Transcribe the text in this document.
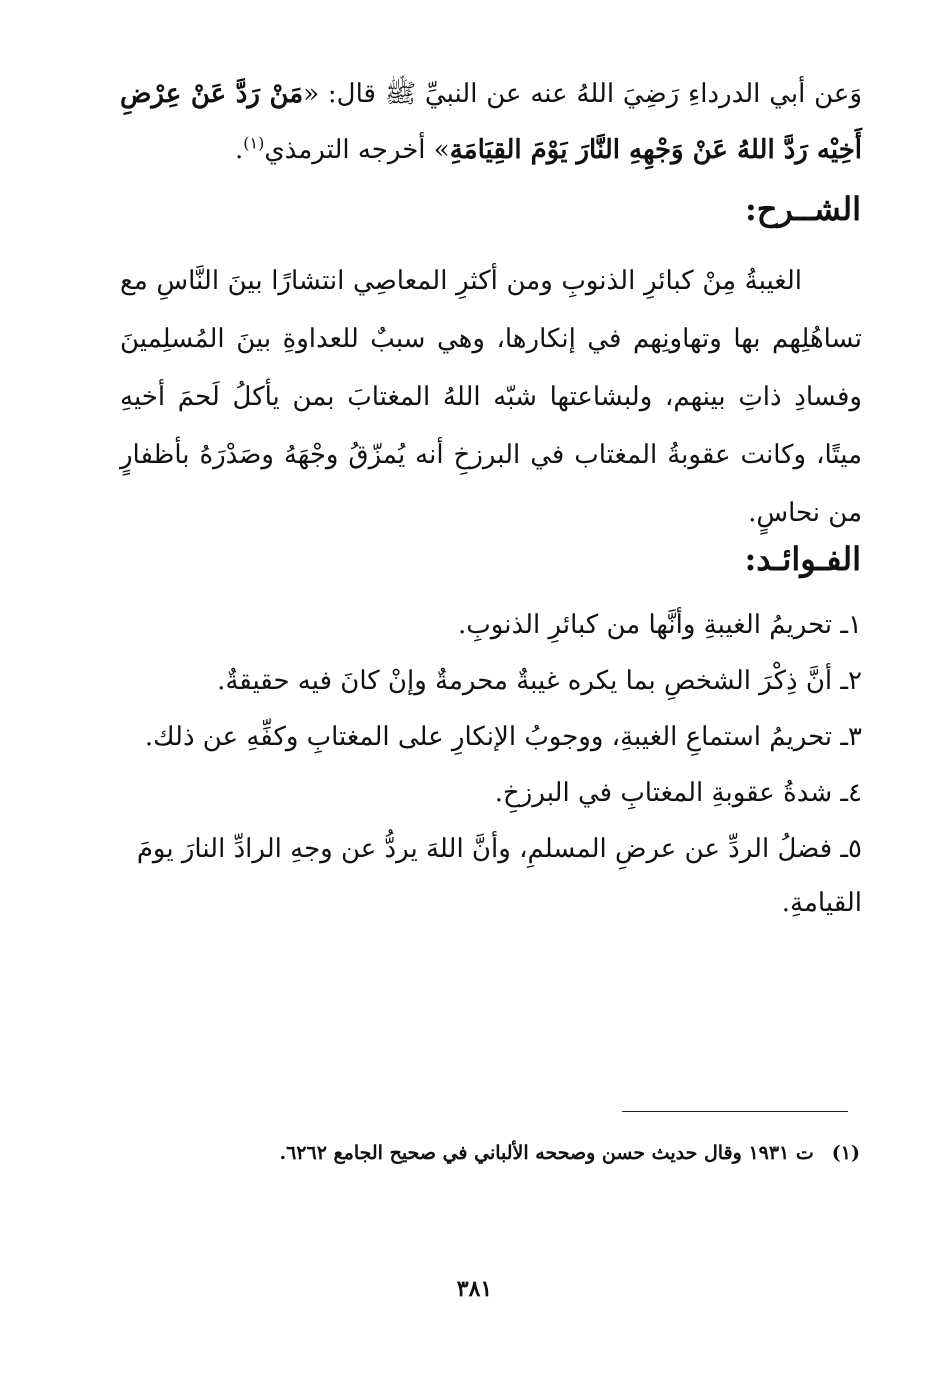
وَعن أبي الدرداءِ رَضِيَ اللهُ عنه عن النبيِّ ﷺ قال: «مَنْ رَدَّ عَنْ عِرْضِ أَخِيْه رَدَّ اللهُ عَنْ وَجْهِهِ النَّارَ يَوْمَ القِيَامَةِ» أخرجه الترمذي$^{(١)}$.

الشــرح:

الغيبةُ مِنْ كبائرِ الذنوبِ ومن أكثرِ المعاصِي انتشارًا بينَ النَّاسِ مع تساهُلِهم بها وتهاونِهم في إنكارها، وهي سببٌ للعداوةِ بينَ المُسلِمينَ وفسادِ ذاتِ بينهم، ولبشاعتها شبّه اللهُ المغتابَ بمن يأكلُ لَحمَ أخيهِ ميتًا، وكانت عقوبةُ المغتاب في البرزخِ أنه يُمزّقُ وجْهَهُ وصَدْرَهُ بأظفارٍ من نحاسٍ.

الفـوائـد:
١ـ تحريمُ الغيبةِ وأنَّها من كبائرِ الذنوبِ.
٢ـ أنَّ ذِكْرَ الشخصِ بما يكره غيبةٌ محرمةٌ وإنْ كانَ فيه حقيقةٌ.
٣ـ تحريمُ استماعِ الغيبةِ، ووجوبُ الإنكارِ على المغتابِ وكفِّهِ عن ذلك.
٤ـ شدةُ عقوبةِ المغتابِ في البرزخِ.
٥ـ فضلُ الردِّ عن عرضِ المسلمِ، وأنَّ اللهَ يردُّ عن وجهِ الرادِّ النارَ يومَ القيامةِ.
(١)ت ١٩٣١ وقال حديث حسن وصححه الألباني في صحيح الجامع ٦٢٦٢.
٣٨١
